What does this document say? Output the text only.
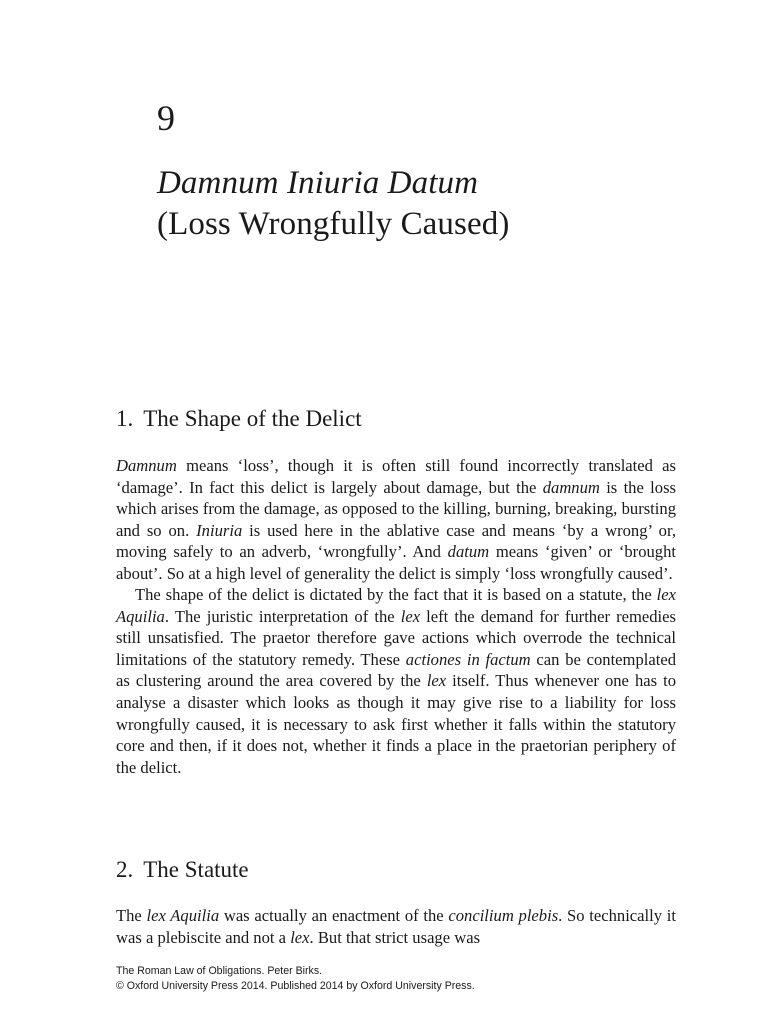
9
Damnum Iniuria Datum
(Loss Wrongfully Caused)
1. The Shape of the Delict

Damnum means ‘loss’, though it is often still found incorrectly translated as ‘damage’. In fact this delict is largely about damage, but the damnum is the loss which arises from the damage, as opposed to the killing, burning, breaking, bursting and so on. Iniuria is used here in the ablative case and means ‘by a wrong’ or, moving safely to an adverb, ‘wrongfully’. And datum means ‘given’ or ‘brought about’. So at a high level of generality the delict is simply ‘loss wrongfully caused’.

The shape of the delict is dictated by the fact that it is based on a statute, the lex Aquilia. The juristic interpretation of the lex left the demand for further remedies still unsatisfied. The praetor therefore gave actions which overrode the technical limitations of the statutory remedy. These actiones in factum can be contemplated as clustering around the area covered by the lex itself. Thus whenever one has to analyse a disaster which looks as though it may give rise to a liability for loss wrongfully caused, it is necessary to ask first whether it falls within the statutory core and then, if it does not, whether it finds a place in the praetorian periphery of the delict.

2. The Statute

The lex Aquilia was actually an enactment of the concilium plebis. So technically it was a plebiscite and not a lex. But that strict usage was

The Roman Law of Obligations. Peter Birks.
© Oxford University Press 2014. Published 2014 by Oxford University Press.
